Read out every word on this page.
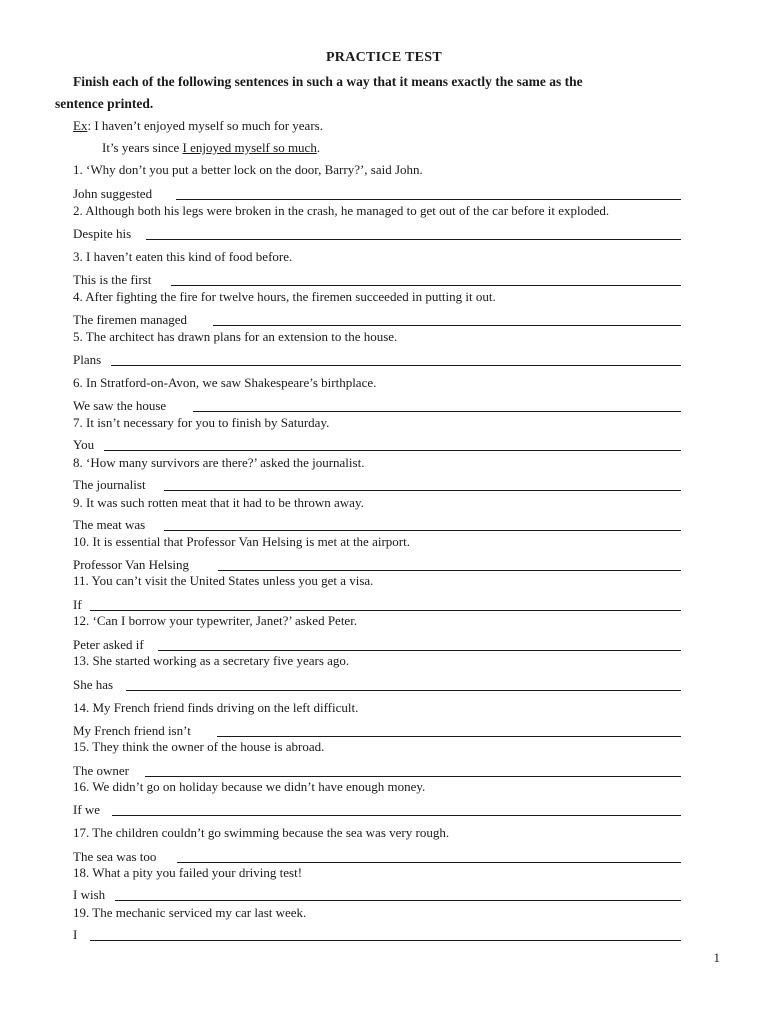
PRACTICE TEST
Finish each of the following sentences in such a way that it means exactly the same as the
sentence printed.
Ex: I haven’t enjoyed myself so much for years.
It’s years since I enjoyed myself so much.
1. ‘Why don’t you put a better lock on the door, Barry?’, said John.
John suggested
2. Although both his legs were broken in the crash, he managed to get out of the car before it exploded.
Despite his
3. I haven’t eaten this kind of food before.
This is the first
4. After fighting the fire for twelve hours, the firemen succeeded in putting it out.
The firemen managed
5. The architect has drawn plans for an extension to the house.
Plans
6. In Stratford-on-Avon, we saw Shakespeare’s birthplace.
We saw the house
7. It isn’t necessary for you to finish by Saturday.
You
8. ‘How many survivors are there?’ asked the journalist.
The journalist
9. It was such rotten meat that it had to be thrown away.
The meat was
10. It is essential that Professor Van Helsing is met at the airport.
Professor Van Helsing
11. You can’t visit the United States unless you get a visa.
If
12. ‘Can I borrow your typewriter, Janet?’ asked Peter.
Peter asked if
13. She started working as a secretary five years ago.
She has
14. My French friend finds driving on the left difficult.
My French friend isn’t
15. They think the owner of the house is abroad.
The owner
16. We didn’t go on holiday because we didn’t have enough money.
If we
17. The children couldn’t go swimming because the sea was very rough.
The sea was too
18. What a pity you failed your driving test!
I wish
19. The mechanic serviced my car last week.
I
1
